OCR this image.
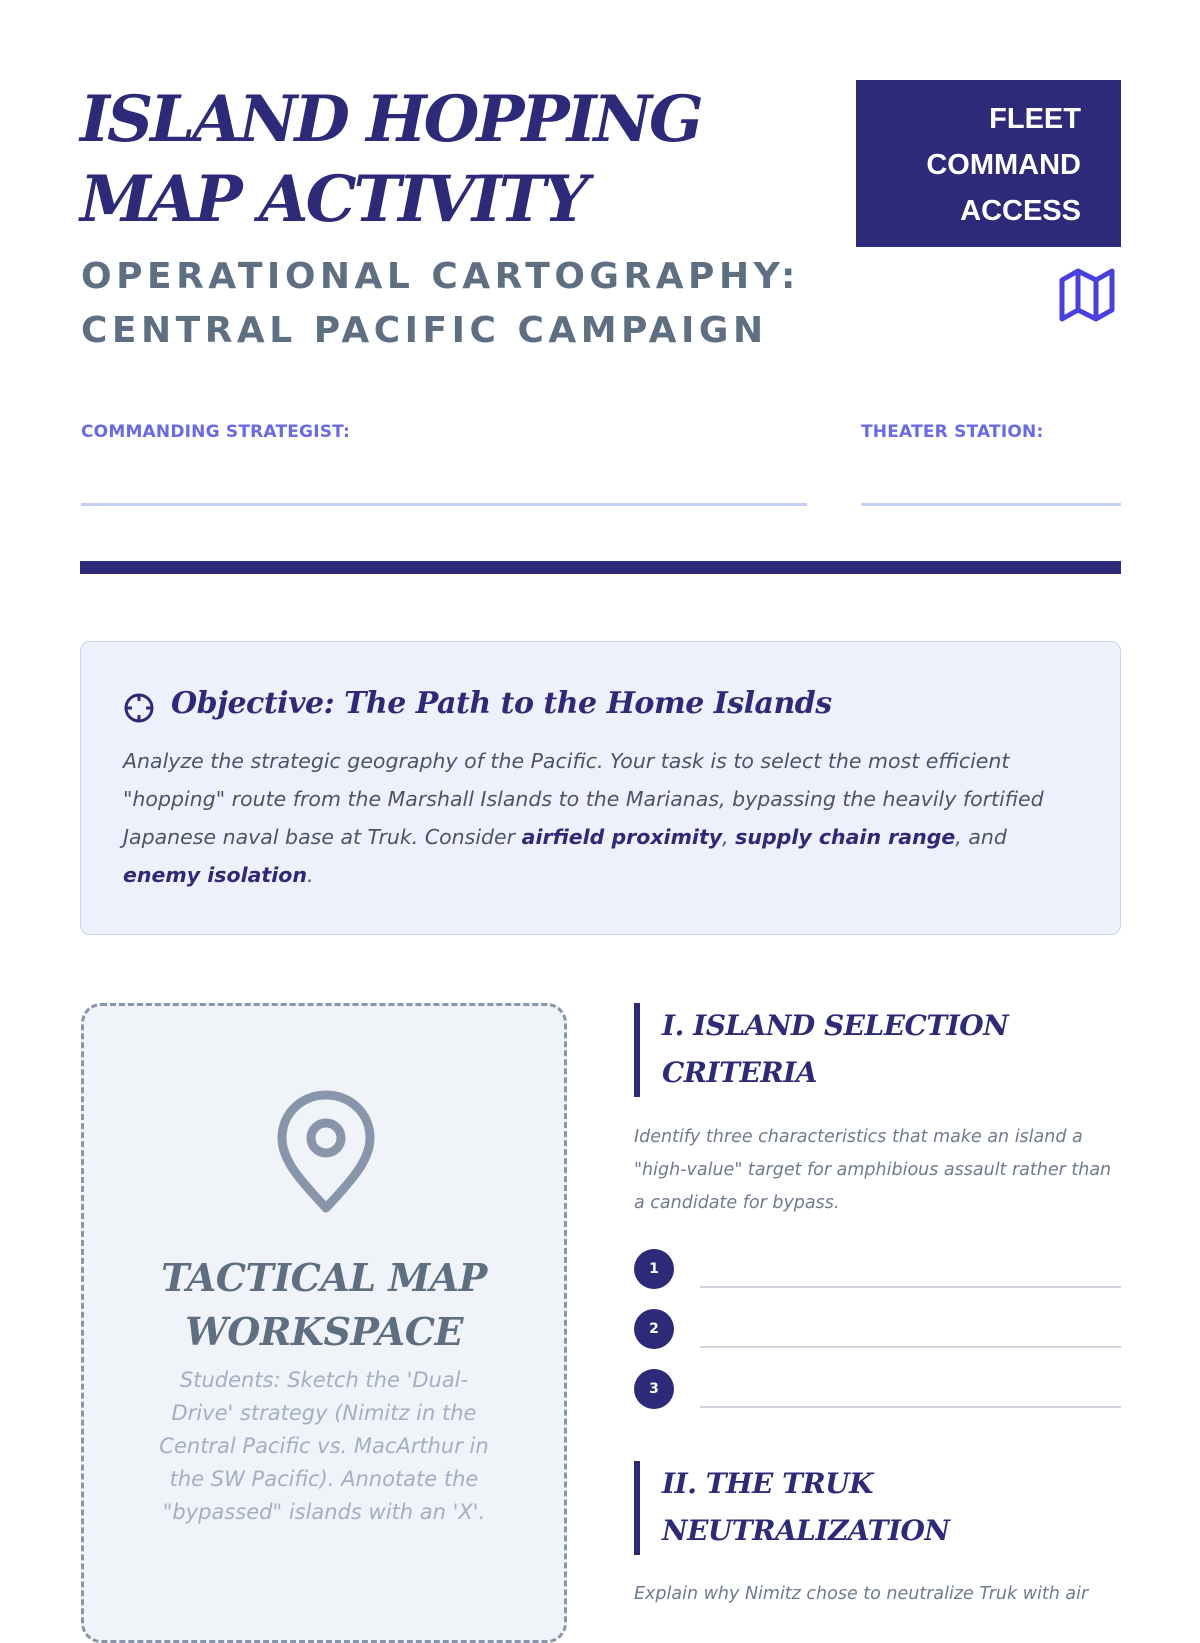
ISLAND HOPPING
MAP ACTIVITY
OPERATIONAL CARTOGRAPHY:
CENTRAL PACIFIC CAMPAIGN
FLEET
COMMAND
ACCESS
COMMANDING STRATEGIST:	THEATER STATION:
Objective: The Path to the Home Islands

Analyze the strategic geography of the Pacific. Your task is to select the most efficient "hopping" route from the Marshall Islands to the Marianas, bypassing the heavily fortified Japanese naval base at Truk. Consider airfield proximity, supply chain range, and enemy isolation.

TACTICAL MAP
WORKSPACE

Students: Sketch the 'Dual-Drive' strategy (Nimitz in the Central Pacific vs. MacArthur in the SW Pacific). Annotate the "bypassed" islands with an 'X'.

I. ISLAND SELECTION
CRITERIA

Identify three characteristics that make an island a "high-value" target for amphibious assault rather than a candidate for bypass.

1
2
3
II. THE TRUK
NEUTRALIZATION

Explain why Nimitz chose to neutralize Truk with air
